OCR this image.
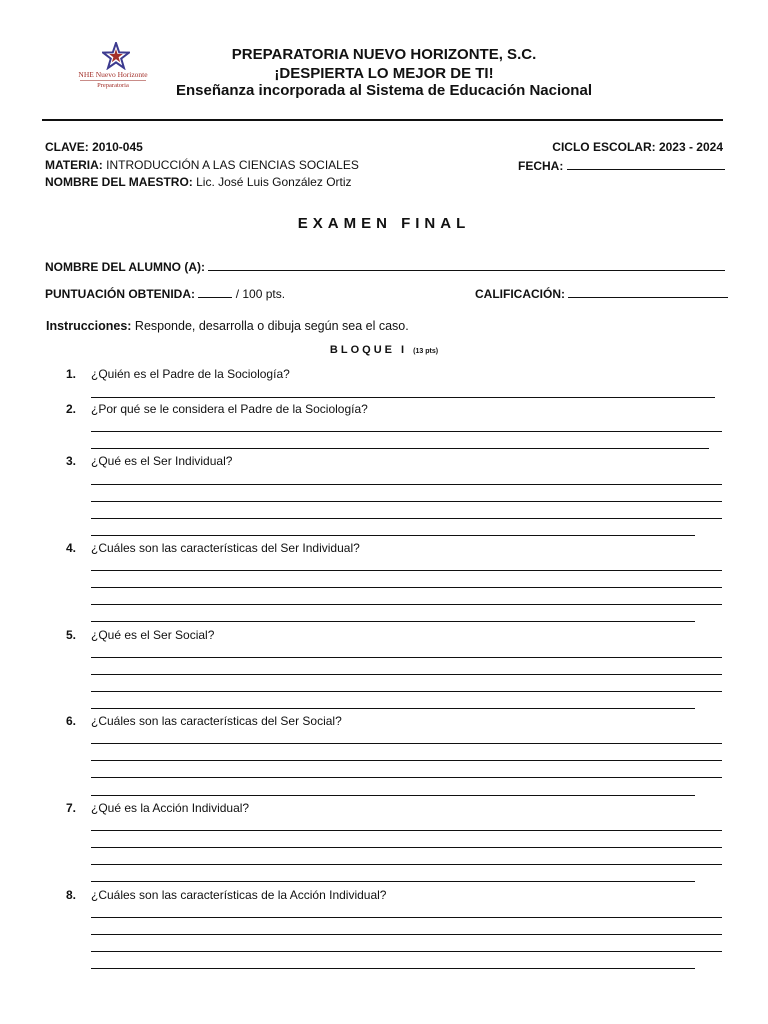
NHE Nuevo Horizonte
Preparatoria
PREPARATORIA NUEVO HORIZONTE, S.C.
¡DESPIERTA LO MEJOR DE TI!
Enseñanza incorporada al Sistema de Educación Nacional
CLAVE: 2010-045	CICLO ESCOLAR: 2023 - 2024
MATERIA: INTRODUCCIÓN A LAS CIENCIAS SOCIALES	FECHA:
NOMBRE DEL MAESTRO: Lic. José Luis González Ortiz
EXAMEN FINAL
NOMBRE DEL ALUMNO (A):
PUNTUACIÓN OBTENIDA:	/ 100 pts.	CALIFICACIÓN:
Instrucciones: Responde, desarrolla o dibuja según sea el caso.
BLOQUE I (13 pts)
1. ¿Quién es el Padre de la Sociología?
2. ¿Por qué se le considera el Padre de la Sociología?
3. ¿Qué es el Ser Individual?
4. ¿Cuáles son las características del Ser Individual?
5. ¿Qué es el Ser Social?
6. ¿Cuáles son las características del Ser Social?
7. ¿Qué es la Acción Individual?
8. ¿Cuáles son las características de la Acción Individual?
